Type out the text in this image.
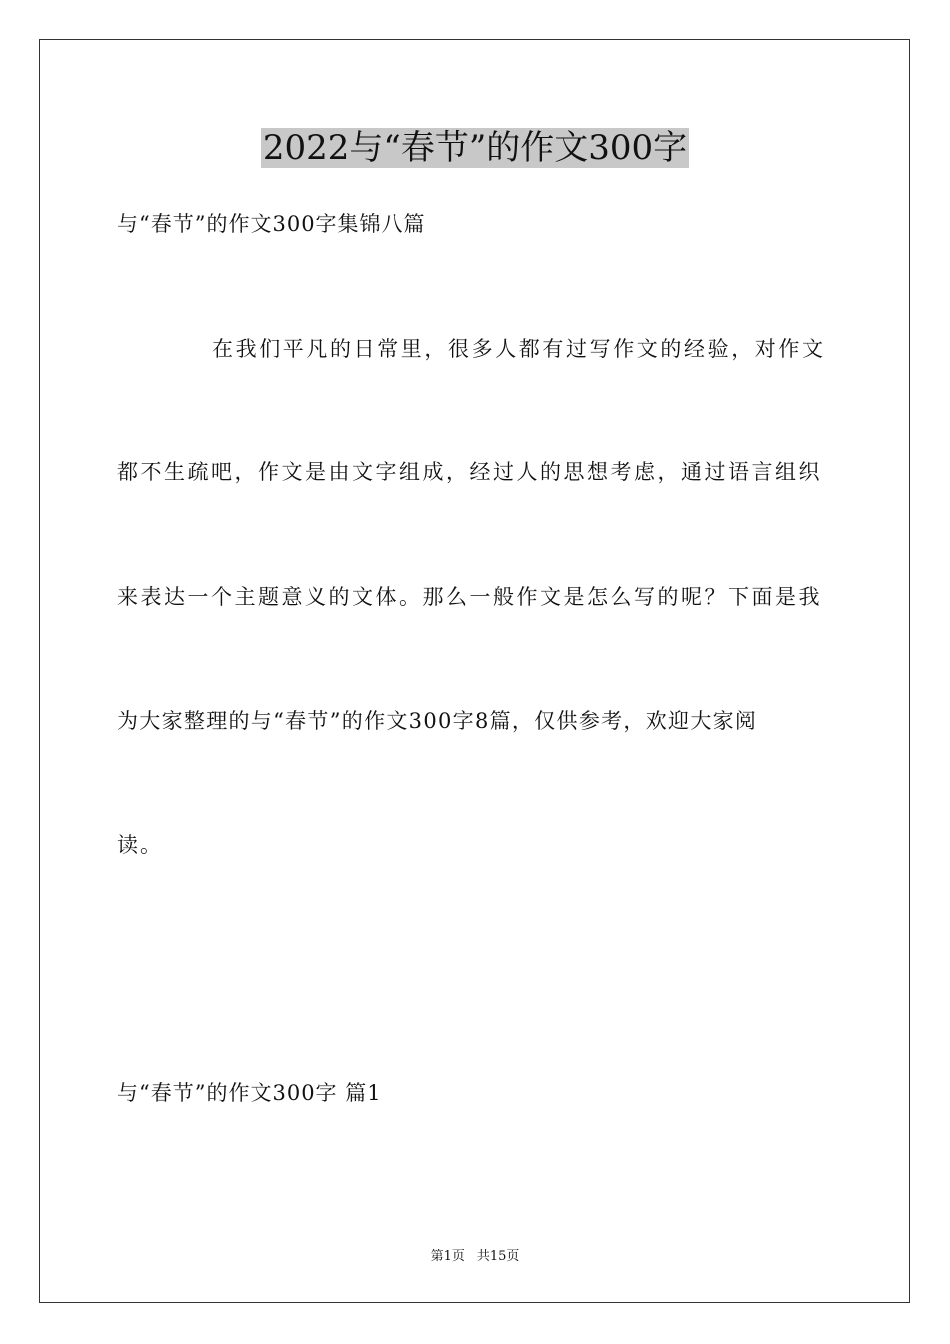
2022与“春节”的作文300字
与“春节”的作文300字集锦八篇
在我们平凡的日常里，很多人都有过写作文的经验，对作文
都不生疏吧，作文是由文字组成，经过人的思想考虑，通过语言组织
来表达一个主题意义的文体。那么一般作文是怎么写的呢？下面是我
为大家整理的与“春节”的作文300字8篇，仅供参考，欢迎大家阅
读。
与“春节”的作文300字 篇1
第1页 共15页
